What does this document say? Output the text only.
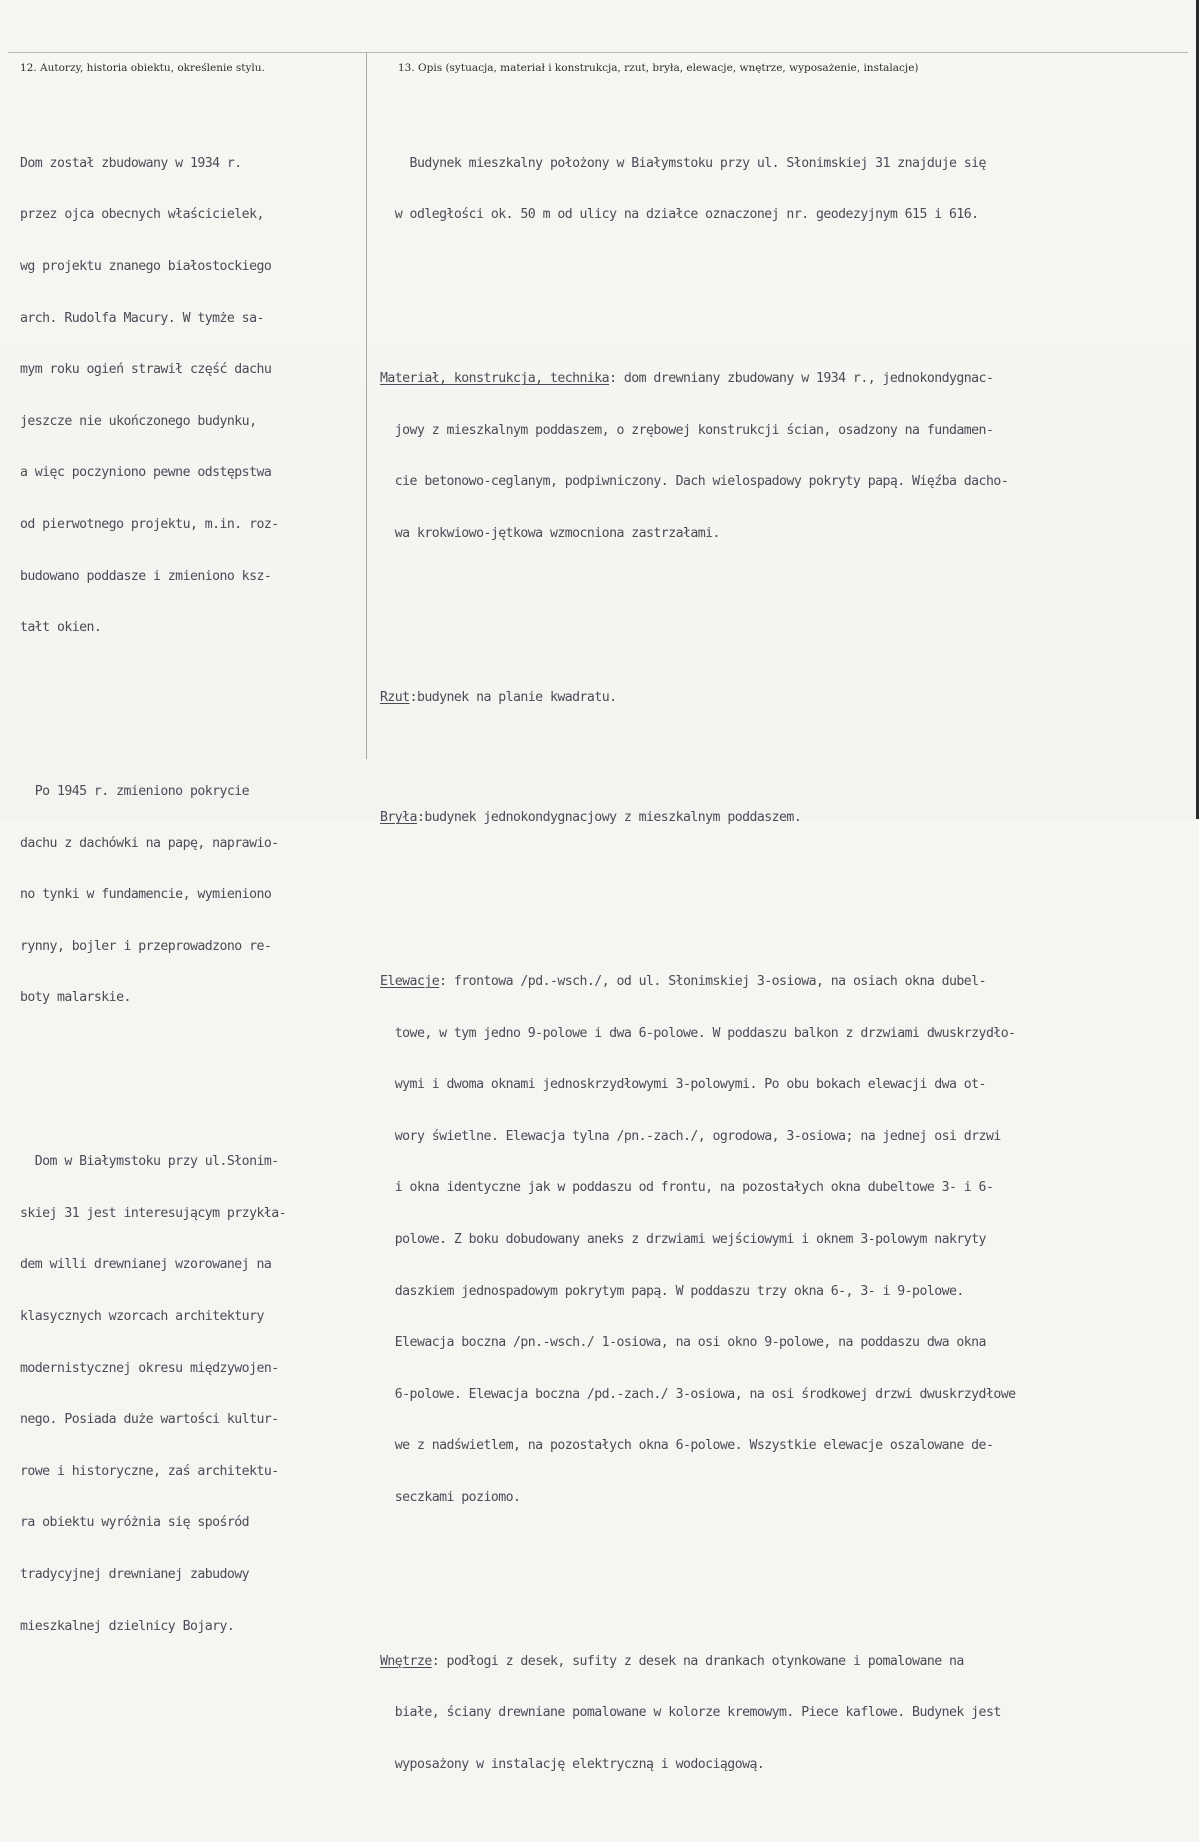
12. Autorzy, historia obiektu, określenie stylu.	13. Opis (sytuacja, materiał i konstrukcja, rzut, bryła, elewacje, wnętrze, wyposażenie, instalacje)

Dom został zbudowany w 1934 r.

przez ojca obecnych właścicielek,

wg projektu znanego białostockiego

arch. Rudolfa Macury. W tymże sa-

mym roku ogień strawił część dachu

jeszcze nie ukończonego budynku,

a więc poczyniono pewne odstępstwa

od pierwotnego projektu, m.in. roz-

budowano poddasze i zmieniono ksz-

tałt okien.

Po 1945 r. zmieniono pokrycie

dachu z dachówki na papę, naprawio-

no tynki w fundamencie, wymieniono

rynny, bojler i przeprowadzono re-

boty malarskie.

Dom w Białymstoku przy ul.Słonim-

skiej 31 jest interesującym przykła-

dem willi drewnianej wzorowanej na

klasycznych wzorcach architektury

modernistycznej okresu międzywojen-

nego. Posiada duże wartości kultur-

rowe i historyczne, zaś architektu-

ra obiektu wyróżnia się spośród

tradycyjnej drewnianej zabudowy

mieszkalnej dzielnicy Bojary.

Budynek mieszkalny położony w Białymstoku przy ul. Słonimskiej 31 znajduje się

w odległości ok. 50 m od ulicy na działce oznaczonej nr. geodezyjnym 615 i 616.

Materiał, konstrukcja, technika: dom drewniany zbudowany w 1934 r., jednokondygnac-

jowy z mieszkalnym poddaszem, o zrębowej konstrukcji ścian, osadzony na fundamen-

cie betonowo-ceglanym, podpiwniczony. Dach wielospadowy pokryty papą. Więźba dacho-

wa krokwiowo-jętkowa wzmocniona zastrzałami.

Rzut:budynek na planie kwadratu.

Bryła:budynek jednokondygnacjowy z mieszkalnym poddaszem.

Elewacje: frontowa /pd.-wsch./, od ul. Słonimskiej 3-osiowa, na osiach okna dubel-

towe, w tym jedno 9-polowe i dwa 6-polowe. W poddaszu balkon z drzwiami dwuskrzydło-

wymi i dwoma oknami jednoskrzydłowymi 3-polowymi. Po obu bokach elewacji dwa ot-

wory świetlne. Elewacja tylna /pn.-zach./, ogrodowa, 3-osiowa; na jednej osi drzwi

i okna identyczne jak w poddaszu od frontu, na pozostałych okna dubeltowe 3- i 6-

polowe. Z boku dobudowany aneks z drzwiami wejściowymi i oknem 3-polowym nakryty

daszkiem jednospadowym pokrytym papą. W poddaszu trzy okna 6-, 3- i 9-polowe.

Elewacja boczna /pn.-wsch./ 1-osiowa, na osi okno 9-polowe, na poddaszu dwa okna

6-polowe. Elewacja boczna /pd.-zach./ 3-osiowa, na osi środkowej drzwi dwuskrzydłowe

we z nadświetlem, na pozostałych okna 6-polowe. Wszystkie elewacje oszalowane de-

seczkami poziomo.

Wnętrze: podłogi z desek, sufity z desek na drankach otynkowane i pomalowane na

białe, ściany drewniane pomalowane w kolorze kremowym. Piece kaflowe. Budynek jest

wyposażony w instalację elektryczną i wodociągową.
